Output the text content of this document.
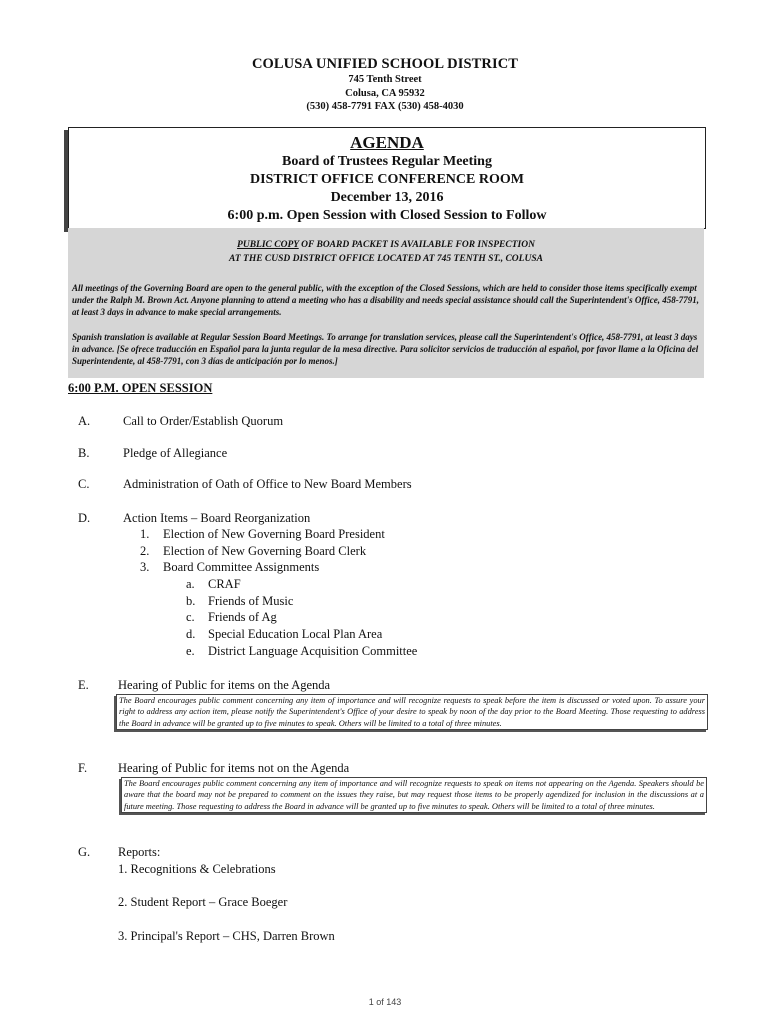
COLUSA UNIFIED SCHOOL DISTRICT
745 Tenth Street
Colusa, CA 95932
(530) 458-7791 FAX (530) 458-4030
AGENDA
Board of Trustees Regular Meeting
DISTRICT OFFICE CONFERENCE ROOM
December 13, 2016
6:00 p.m. Open Session with Closed Session to Follow
PUBLIC COPY OF BOARD PACKET IS AVAILABLE FOR INSPECTION
AT THE CUSD DISTRICT OFFICE LOCATED AT 745 TENTH ST., COLUSA
All meetings of the Governing Board are open to the general public, with the exception of the Closed Sessions, which are held to consider those items specifically exempt under the Ralph M. Brown Act. Anyone planning to attend a meeting who has a disability and needs special assistance should call the Superintendent's Office, 458-7791, at least 3 days in advance to make special arrangements.
Spanish translation is available at Regular Session Board Meetings. To arrange for translation services, please call the Superintendent's Office, 458-7791, at least 3 days in advance. [Se ofrece traducción en Español para la junta regular de la mesa directive. Para solicitor servicios de traducción al español, por favor llame a la Oficina del Superintendente, al 458-7791, con 3 días de anticipación por lo menos.]
6:00 P.M. OPEN SESSION
A.	Call to Order/Establish Quorum
B.	Pledge of Allegiance
C.	Administration of Oath of Office to New Board Members
D.	Action Items – Board Reorganization
1. Election of New Governing Board President
2. Election of New Governing Board Clerk
3. Board Committee Assignments
a. CRAF
b. Friends of Music
c. Friends of Ag
d. Special Education Local Plan Area
e. District Language Acquisition Committee
E. Hearing of Public for items on the Agenda
The Board encourages public comment concerning any item of importance and will recognize requests to speak before the item is discussed or voted upon. To assure your right to address any action item, please notify the Superintendent's Office of your desire to speak by noon of the day prior to the Board Meeting. Those requesting to address the Board in advance will be granted up to five minutes to speak. Others will be limited to a total of three minutes.
F. Hearing of Public for items not on the Agenda
The Board encourages public comment concerning any item of importance and will recognize requests to speak on items not appearing on the Agenda. Speakers should be aware that the board may not be prepared to comment on the issues they raise, but may request those items to be properly agendized for inclusion in the discussions at a future meeting. Those requesting to address the Board in advance will be granted up to five minutes to speak. Others will be limited to a total of three minutes.
G. Reports:
1. Recognitions & Celebrations
2. Student Report – Grace Boeger
3. Principal's Report – CHS, Darren Brown
1 of 143
